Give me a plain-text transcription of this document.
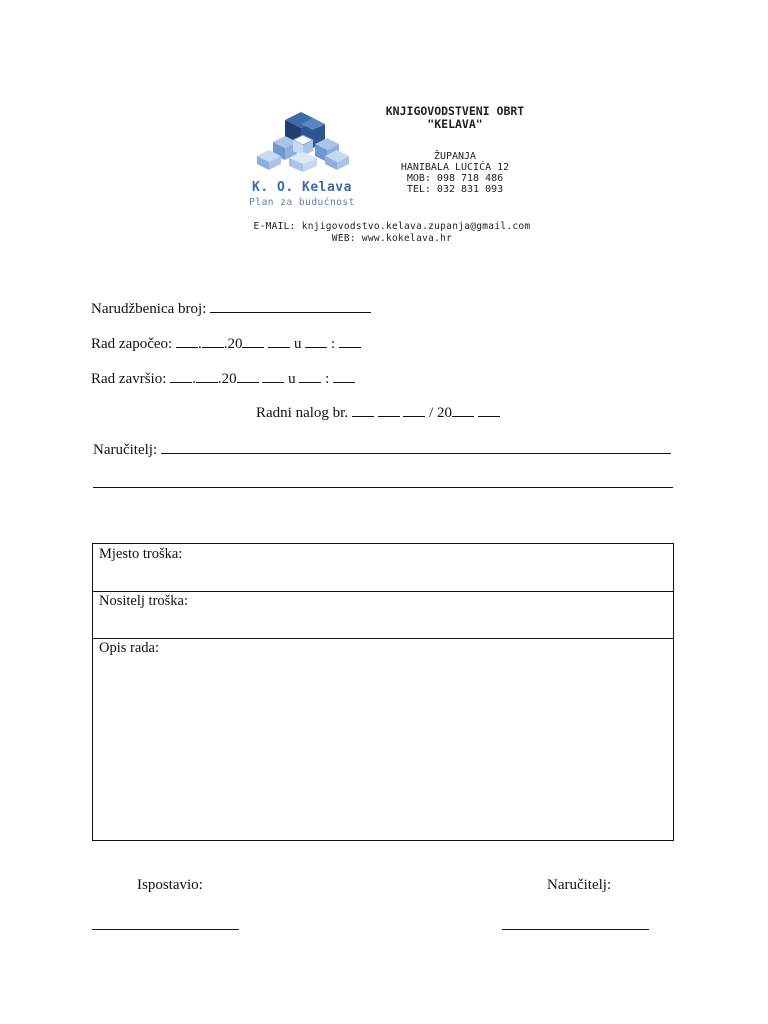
K. O. Kelava
Plan za budućnost
KNJIGOVODSTVENI OBRT
"KELAVA"
ŽUPANJA
HANIBALA LUCIĆA 12
MOB: 098 718 486
TEL: 032 831 093
E-MAIL: knjigovodstvo.kelava.zupanja@gmail.com
WEB: www.kokelava.hr
Narudžbenica broj:
Rad započeo: . .20	u :
Rad završio: . .20	u :
Radni nalog br.	/ 20
Naručitelj:
Mjesto troška:
Nositelj troška:
Opis rada:
Ispostavio:	Naručitelj:
